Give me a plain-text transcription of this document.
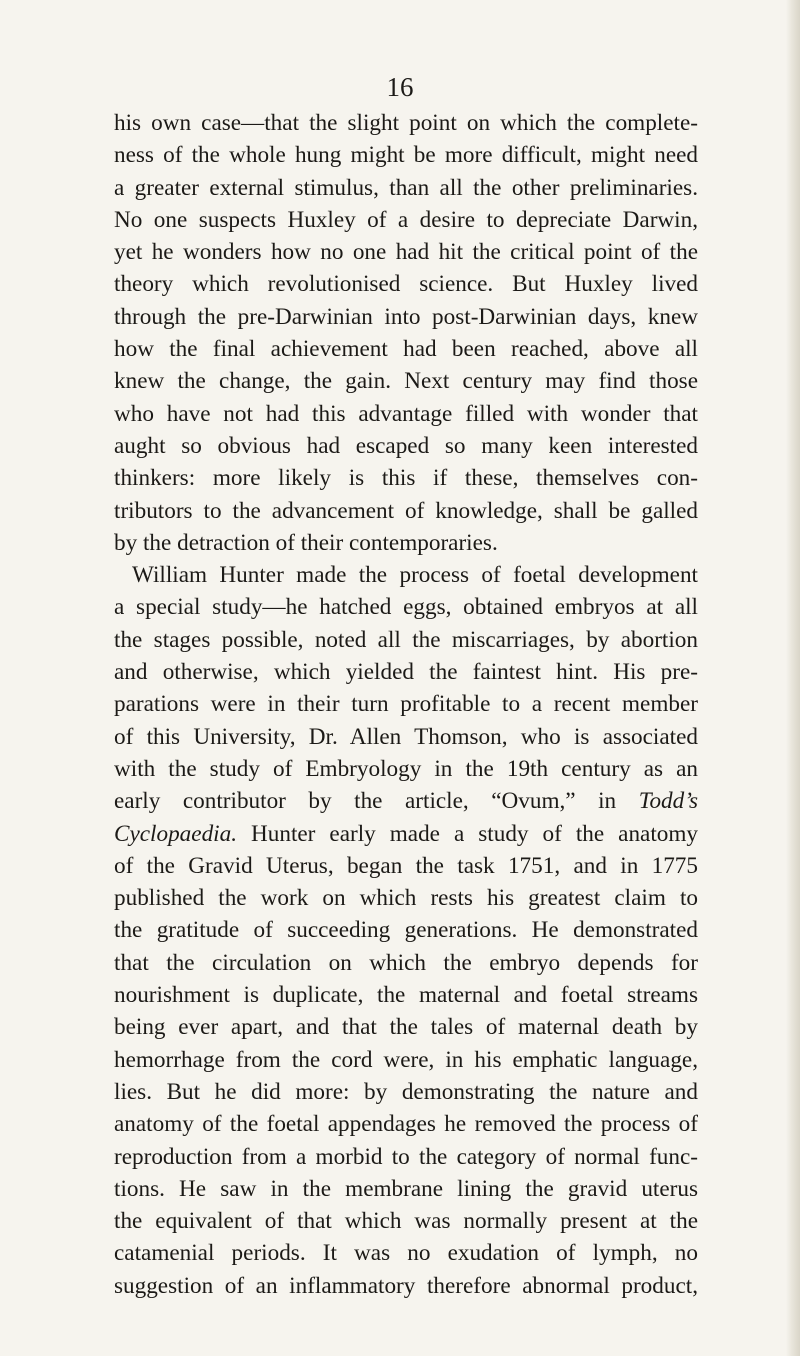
16
his own case—that the slight point on which the complete-
ness of the whole hung might be more difficult, might need
a greater external stimulus, than all the other preliminaries.
No one suspects Huxley of a desire to depreciate Darwin,
yet he wonders how no one had hit the critical point of the
theory which revolutionised science. But Huxley lived
through the pre-Darwinian into post-Darwinian days, knew
how the final achievement had been reached, above all
knew the change, the gain. Next century may find those
who have not had this advantage filled with wonder that
aught so obvious had escaped so many keen interested
thinkers: more likely is this if these, themselves con-
tributors to the advancement of knowledge, shall be galled
by the detraction of their contemporaries.
William Hunter made the process of foetal development
a special study—he hatched eggs, obtained embryos at all
the stages possible, noted all the miscarriages, by abortion
and otherwise, which yielded the faintest hint. His pre-
parations were in their turn profitable to a recent member
of this University, Dr. Allen Thomson, who is associated
with the study of Embryology in the 19th century as an
early contributor by the article, “Ovum,” in Todd’s
Cyclopaedia. Hunter early made a study of the anatomy
of the Gravid Uterus, began the task 1751, and in 1775
published the work on which rests his greatest claim to
the gratitude of succeeding generations. He demonstrated
that the circulation on which the embryo depends for
nourishment is duplicate, the maternal and foetal streams
being ever apart, and that the tales of maternal death by
hemorrhage from the cord were, in his emphatic language,
lies. But he did more: by demonstrating the nature and
anatomy of the foetal appendages he removed the process of
reproduction from a morbid to the category of normal func-
tions. He saw in the membrane lining the gravid uterus
the equivalent of that which was normally present at the
catamenial periods. It was no exudation of lymph, no
suggestion of an inflammatory therefore abnormal product,
